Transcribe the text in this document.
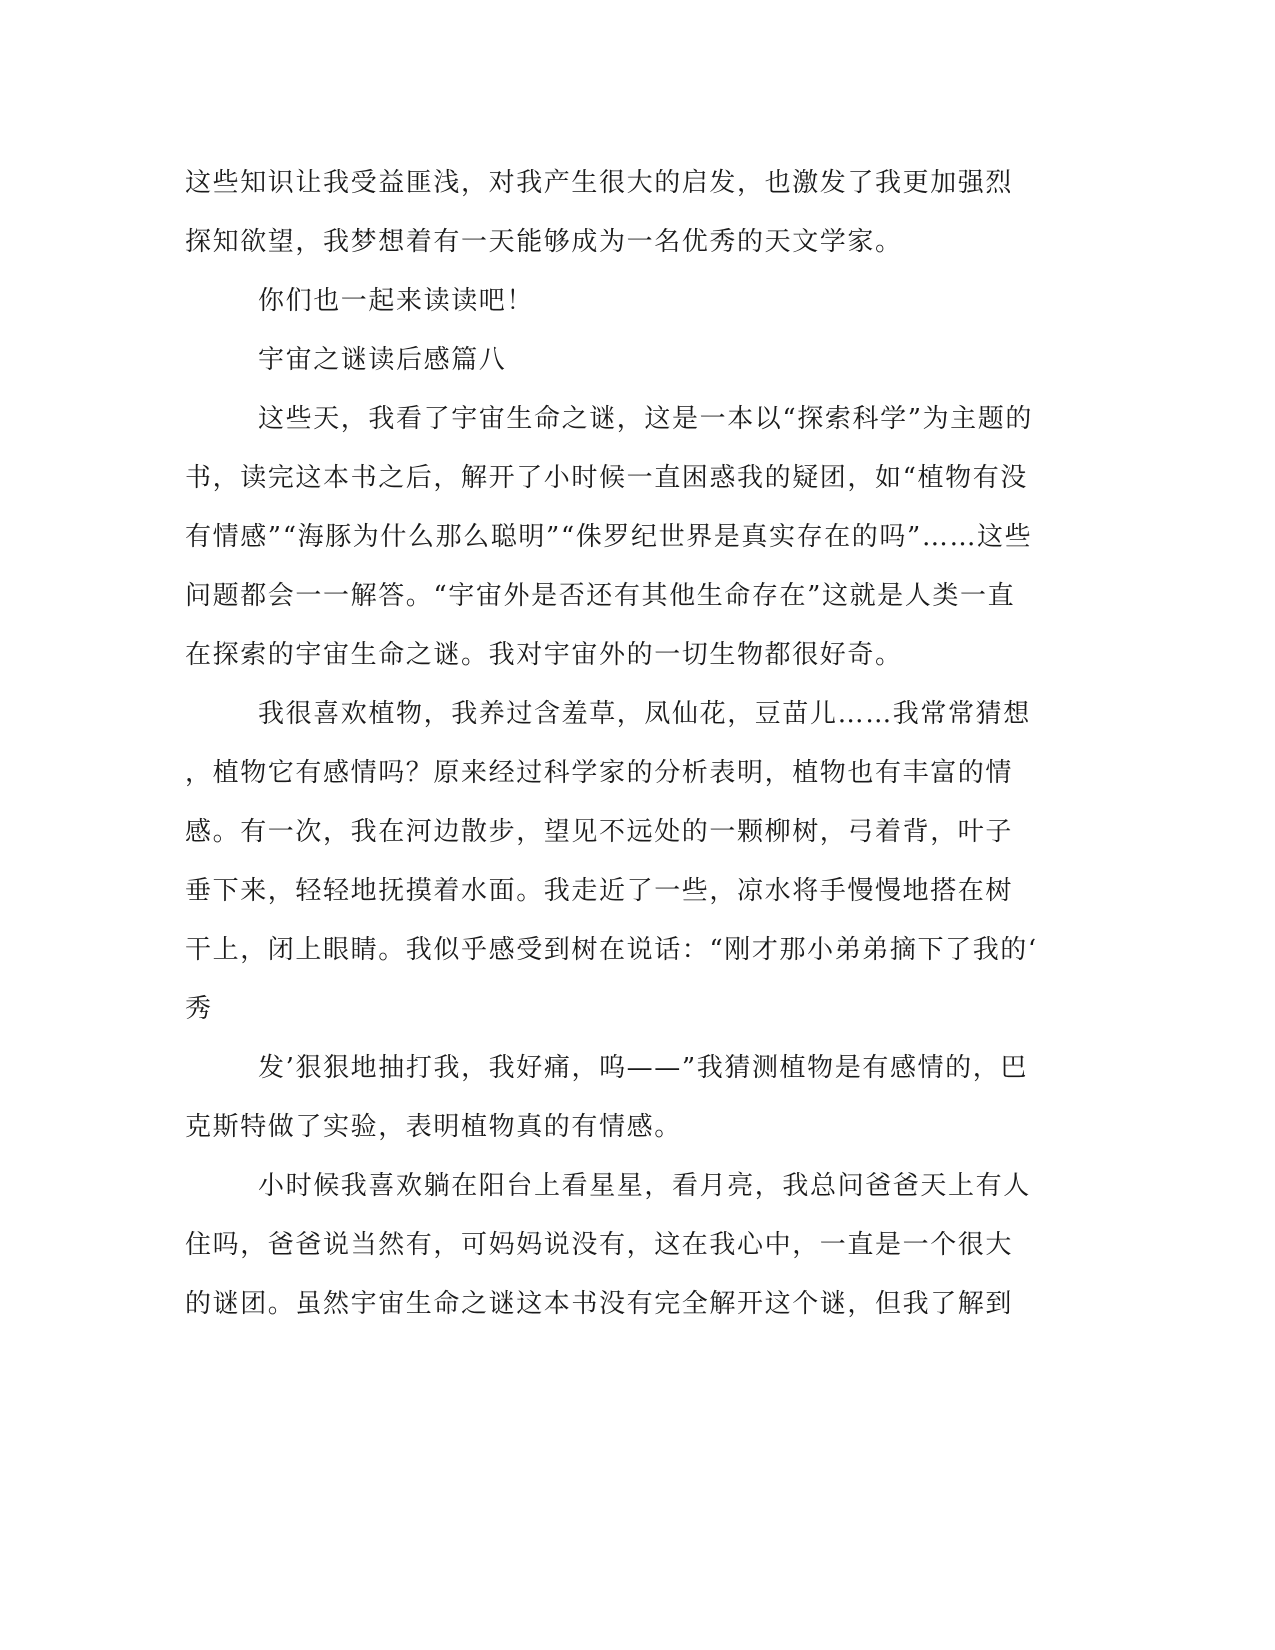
这些知识让我受益匪浅，对我产生很大的启发，也激发了我更加强烈

探知欲望，我梦想着有一天能够成为一名优秀的天文学家。

你们也一起来读读吧！

宇宙之谜读后感篇八

这些天，我看了宇宙生命之谜，这是一本以“探索科学”为主题的

书，读完这本书之后，解开了小时候一直困惑我的疑团，如“植物有没

有情感”“海豚为什么那么聪明”“侏罗纪世界是真实存在的吗”……这些

问题都会一一解答。“宇宙外是否还有其他生命存在”这就是人类一直

在探索的宇宙生命之谜。我对宇宙外的一切生物都很好奇。

我很喜欢植物，我养过含羞草，凤仙花，豆苗儿……我常常猜想

，植物它有感情吗？原来经过科学家的分析表明，植物也有丰富的情

感。有一次，我在河边散步，望见不远处的一颗柳树，弓着背，叶子

垂下来，轻轻地抚摸着水面。我走近了一些，凉水将手慢慢地搭在树

干上，闭上眼睛。我似乎感受到树在说话：“刚才那小弟弟摘下了我的‘

秀

发’狠狠地抽打我，我好痛，呜——”我猜测植物是有感情的，巴

克斯特做了实验，表明植物真的有情感。

小时候我喜欢躺在阳台上看星星，看月亮，我总问爸爸天上有人

住吗，爸爸说当然有，可妈妈说没有，这在我心中，一直是一个很大

的谜团。虽然宇宙生命之谜这本书没有完全解开这个谜，但我了解到
